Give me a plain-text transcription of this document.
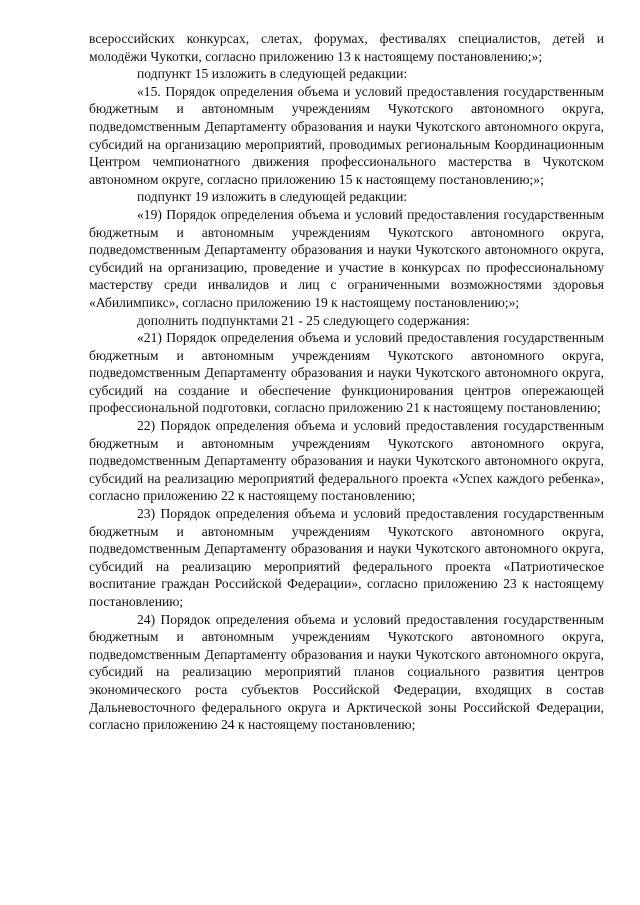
всероссийских конкурсах, слетах, форумах, фестивалях специалистов, детей и молодёжи Чукотки, согласно приложению 13 к настоящему постановлению;»;

подпункт 15 изложить в следующей редакции:

«15. Порядок определения объема и условий предоставления государственным бюджетным и автономным учреждениям Чукотского автономного округа, подведомственным Департаменту образования и науки Чукотского автономного округа, субсидий на организацию мероприятий, проводимых региональным Координационным Центром чемпионатного движения профессионального мастерства в Чукотском автономном округе, согласно приложению 15 к настоящему постановлению;»;

подпункт 19 изложить в следующей редакции:

«19) Порядок определения объема и условий предоставления государственным бюджетным и автономным учреждениям Чукотского автономного округа, подведомственным Департаменту образования и науки Чукотского автономного округа, субсидий на организацию, проведение и участие в конкурсах по профессиональному мастерству среди инвалидов и лиц с ограниченными возможностями здоровья «Абилимпикс», согласно приложению 19 к настоящему постановлению;»;

дополнить подпунктами 21 - 25 следующего содержания:

«21) Порядок определения объема и условий предоставления государственным бюджетным и автономным учреждениям Чукотского автономного округа, подведомственным Департаменту образования и науки Чукотского автономного округа, субсидий на создание и обеспечение функционирования центров опережающей профессиональной подготовки, согласно приложению 21 к настоящему постановлению;

22) Порядок определения объема и условий предоставления государственным бюджетным и автономным учреждениям Чукотского автономного округа, подведомственным Департаменту образования и науки Чукотского автономного округа, субсидий на реализацию мероприятий федерального проекта «Успех каждого ребенка», согласно приложению 22 к настоящему постановлению;

23) Порядок определения объема и условий предоставления государственным бюджетным и автономным учреждениям Чукотского автономного округа, подведомственным Департаменту образования и науки Чукотского автономного округа, субсидий на реализацию мероприятий федерального проекта «Патриотическое воспитание граждан Российской Федерации», согласно приложению 23 к настоящему постановлению;

24) Порядок определения объема и условий предоставления государственным бюджетным и автономным учреждениям Чукотского автономного округа, подведомственным Департаменту образования и науки Чукотского автономного округа, субсидий на реализацию мероприятий планов социального развития центров экономического роста субъектов Российской Федерации, входящих в состав Дальневосточного федерального округа и Арктической зоны Российской Федерации, согласно приложению 24 к настоящему постановлению;
